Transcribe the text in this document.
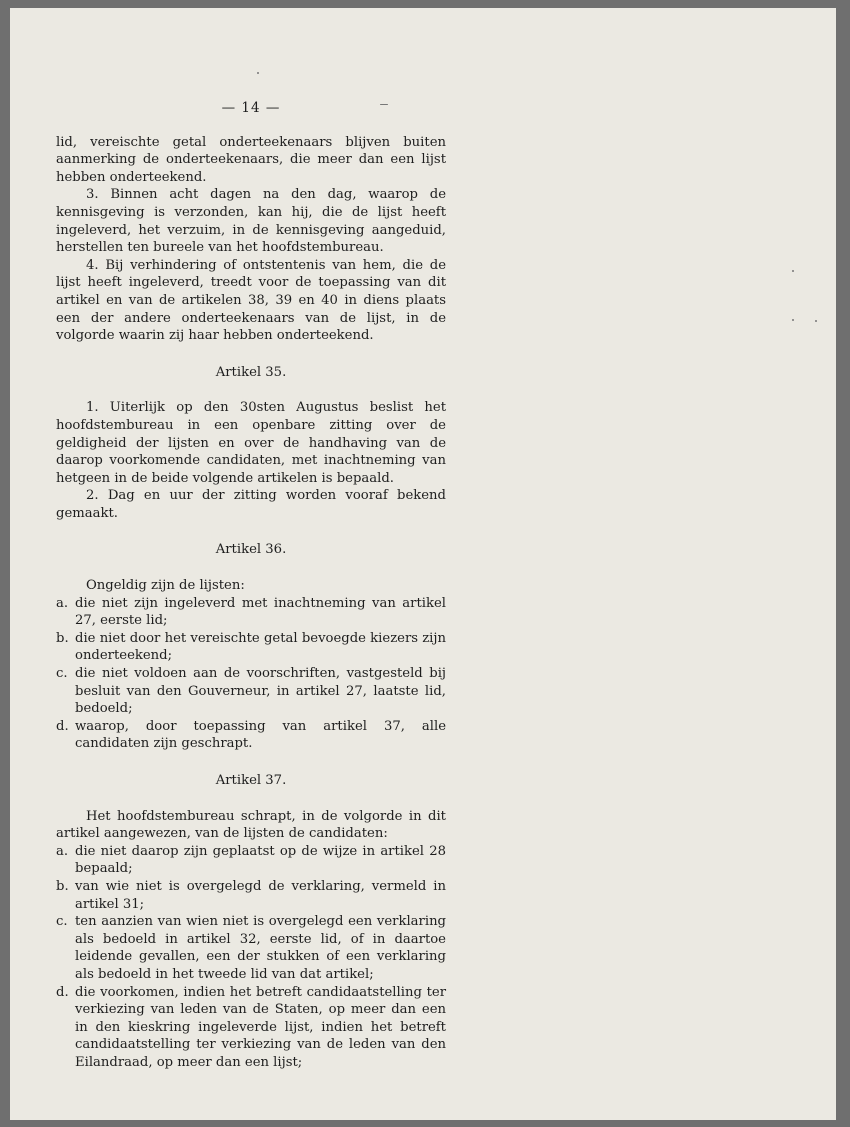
— 14 —

lid, vereischte getal onderteekenaars blijven buiten aanmerking de onderteekenaars, die meer dan een lijst hebben onderteekend.

3. Binnen acht dagen na den dag, waarop de kennisgeving is verzonden, kan hij, die de lijst heeft ingeleverd, het verzuim, in de kennisgeving aangeduid, herstellen ten bureele van het hoofdstembureau.

4. Bij verhindering of ontstentenis van hem, die de lijst heeft ingeleverd, treedt voor de toepassing van dit artikel en van de artikelen 38, 39 en 40 in diens plaats een der andere onderteekenaars van de lijst, in de volgorde waarin zij haar hebben onderteekend.

Artikel 35.

1. Uiterlijk op den 30sten Augustus beslist het hoofdstembureau in een openbare zitting over de geldigheid der lijsten en over de handhaving van de daarop voorkomende candidaten, met inachtneming van hetgeen in de beide volgende artikelen is bepaald.

2. Dag en uur der zitting worden vooraf bekend gemaakt.

Artikel 36.

Ongeldig zijn de lijsten:

a. die niet zijn ingeleverd met inachtneming van artikel 27, eerste lid;
b. die niet door het vereischte getal bevoegde kiezers zijn onderteekend;
c. die niet voldoen aan de voorschriften, vastgesteld bij besluit van den Gouverneur, in artikel 27, laatste lid, bedoeld;
d. waarop, door toepassing van artikel 37, alle candidaten zijn geschrapt.
Artikel 37.

Het hoofdstembureau schrapt, in de volgorde in dit artikel aangewezen, van de lijsten de candidaten:

a. die niet daarop zijn geplaatst op de wijze in artikel 28 bepaald;
b. van wie niet is overgelegd de verklaring, vermeld in artikel 31;
c. ten aanzien van wien niet is overgelegd een verklaring als bedoeld in artikel 32, eerste lid, of in daartoe leidende gevallen, een der stukken of een verklaring als bedoeld in het tweede lid van dat artikel;
d. die voorkomen, indien het betreft candidaatstelling ter verkiezing van leden van de Staten, op meer dan een in den kieskring ingeleverde lijst, indien het betreft candidaatstelling ter verkiezing van de leden van den Eilandraad, op meer dan een lijst;
